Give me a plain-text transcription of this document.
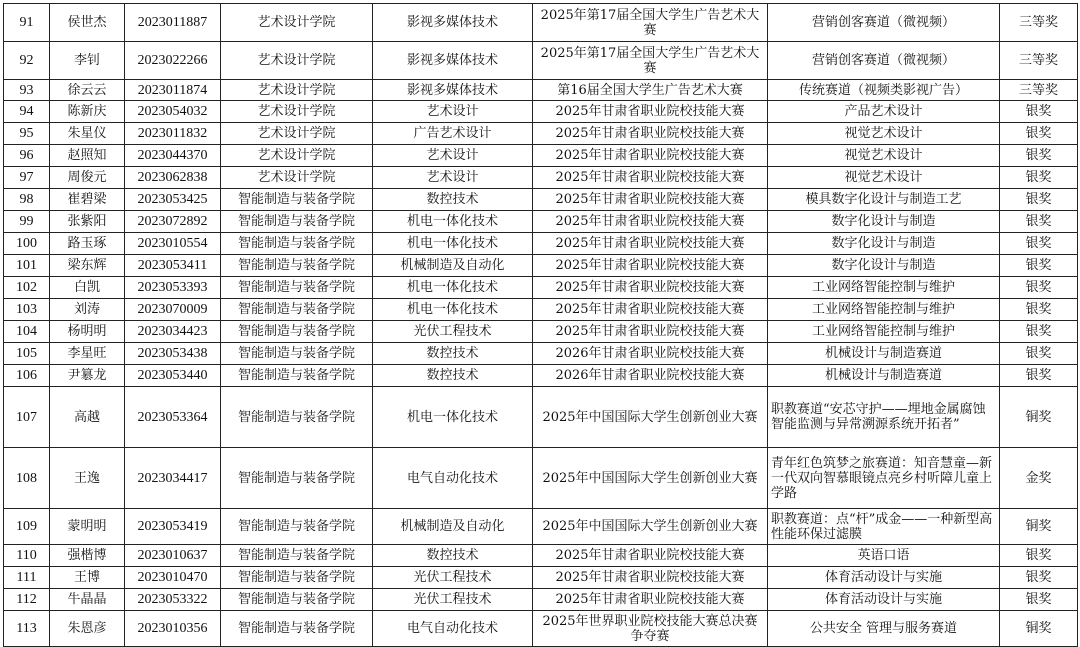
91	侯世杰	2023011887	艺术设计学院	影视多媒体技术	2025年第17届全国大学生广告艺术大赛	营销创客赛道（微视频）	三等奖
92	李钊	2023022266	艺术设计学院	影视多媒体技术	2025年第17届全国大学生广告艺术大赛	营销创客赛道（微视频）	三等奖
93	徐云云	2023011874	艺术设计学院	影视多媒体技术	第16届全国大学生广告艺术大赛	传统赛道（视频类影视广告）	三等奖
94	陈新庆	2023054032	艺术设计学院	艺术设计	2025年甘肃省职业院校技能大赛	产品艺术设计	银奖
95	朱星仪	2023011832	艺术设计学院	广告艺术设计	2025年甘肃省职业院校技能大赛	视觉艺术设计	银奖
96	赵照知	2023044370	艺术设计学院	艺术设计	2025年甘肃省职业院校技能大赛	视觉艺术设计	银奖
97	周俊元	2023062838	艺术设计学院	艺术设计	2025年甘肃省职业院校技能大赛	视觉艺术设计	银奖
98	崔碧梁	2023053425	智能制造与装备学院	数控技术	2025年甘肃省职业院校技能大赛	模具数字化设计与制造工艺	银奖
99	张紫阳	2023072892	智能制造与装备学院	机电一体化技术	2025年甘肃省职业院校技能大赛	数字化设计与制造	银奖
100	路玉琢	2023010554	智能制造与装备学院	机电一体化技术	2025年甘肃省职业院校技能大赛	数字化设计与制造	银奖
101	梁东辉	2023053411	智能制造与装备学院	机械制造及自动化	2025年甘肃省职业院校技能大赛	数字化设计与制造	银奖
102	白凯	2023053393	智能制造与装备学院	机电一体化技术	2025年甘肃省职业院校技能大赛	工业网络智能控制与维护	银奖
103	刘涛	2023070009	智能制造与装备学院	机电一体化技术	2025年甘肃省职业院校技能大赛	工业网络智能控制与维护	银奖
104	杨明明	2023034423	智能制造与装备学院	光伏工程技术	2025年甘肃省职业院校技能大赛	工业网络智能控制与维护	银奖
105	李星旺	2023053438	智能制造与装备学院	数控技术	2026年甘肃省职业院校技能大赛	机械设计与制造赛道	银奖
106	尹簒龙	2023053440	智能制造与装备学院	数控技术	2026年甘肃省职业院校技能大赛	机械设计与制造赛道	银奖
107	高越	2023053364	智能制造与装备学院	机电一体化技术	2025年中国国际大学生创新创业大赛	职教赛道“安芯守护——埋地金属腐蚀智能监测与异常溯源系统开拓者”	铜奖
108	王逸	2023034417	智能制造与装备学院	电气自动化技术	2025年中国国际大学生创新创业大赛	青年红色筑梦之旅赛道：知音慧童—新一代双向智慕眼镜点亮乡村听障儿童上学路	金奖
109	蒙明明	2023053419	智能制造与装备学院	机械制造及自动化	2025年中国国际大学生创新创业大赛	职教赛道：点“杆”成金——一种新型高性能环保过滤膜	铜奖
110	强楷博	2023010637	智能制造与装备学院	数控技术	2025年甘肃省职业院校技能大赛	英语口语	银奖
111	王博	2023010470	智能制造与装备学院	光伏工程技术	2025年甘肃省职业院校技能大赛	体育活动设计与实施	银奖
112	牛晶晶	2023053322	智能制造与装备学院	光伏工程技术	2025年甘肃省职业院校技能大赛	体育活动设计与实施	银奖
113	朱恩彦	2023010356	智能制造与装备学院	电气自动化技术	2025年世界职业院校技能大赛总决赛争夺赛	公共安全 管理与服务赛道	铜奖
